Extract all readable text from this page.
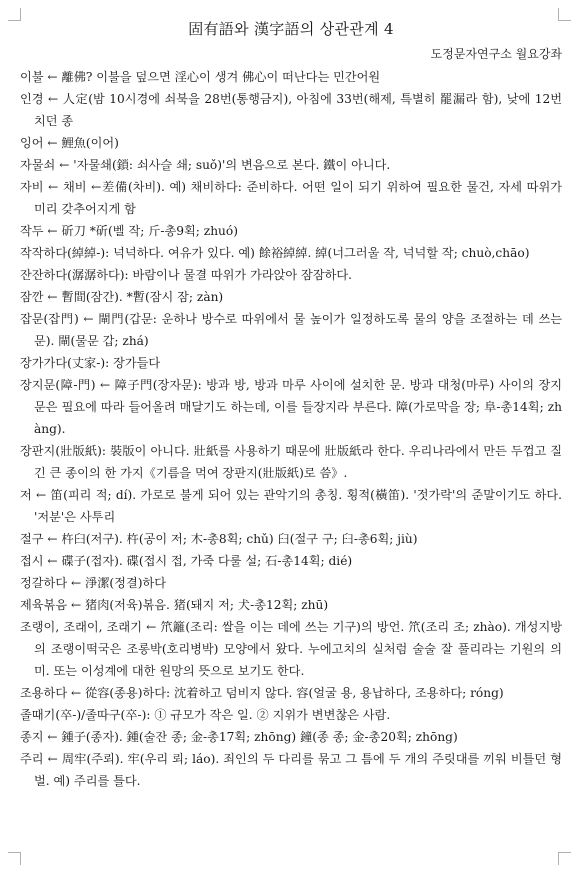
固有語와 漢字語의 상관관계 4
도정문자연구소 월요강좌
이불 ← 離佛? 이불을 덮으면 淫心이 생겨 佛心이 떠난다는 민간어원
인경 ← 人定(밤 10시경에 쇠북을 28번(통행금지), 아침에 33번(해제, 특별히 罷漏라 함), 낮에 12번 치던 종
잉어 ← 鯉魚(이어)
자물쇠 ← '자물쇄(鎖: 쇠사슬 쇄; suǒ)'의 변음으로 본다. 鐵이 아니다.
자비 ← 채비 ←差備(차비). 예) 채비하다: 준비하다. 어떤 일이 되기 위하여 필요한 물건, 자세 따위가 미리 갖추어지게 함
작두 ← 斫刀 *斫(벨 작; 斤-총9획; zhuó)
작작하다(綽綽-): 넉넉하다. 여유가 있다. 예) 餘裕綽綽. 綽(너그러울 작, 넉넉할 작; chuò,chāo)
잔잔하다(潺潺하다): 바람이나 물결 따위가 가라앉아 잠잠하다.
잠깐 ← 暫間(잠간). *暫(잠시 잠; zàn)
잡문(잡門) ← 閘門(갑문: 운하나 방수로 따위에서 물 높이가 일정하도록 물의 양을 조절하는 데 쓰는 문). 閘(물문 갑; zhá)
장가가다(丈家-): 장가들다
장지문(障-門) ← 障子門(장자문): 방과 방, 방과 마루 사이에 설치한 문. 방과 대청(마루) 사이의 장지문은 필요에 따라 들어올려 매달기도 하는데, 이를 들장지라 부른다. 障(가로막을 장; 阜-총14획; zhàng).
장판지(壯版紙): 裝版이 아니다. 壯紙를 사용하기 때문에 壯版紙라 한다. 우리나라에서 만든 두껍고 질긴 큰 종이의 한 가지《기름을 먹여 장판지(壯版紙)로 씀》.
저 ← 笛(피리 적; dí). 가로로 불게 되어 있는 관악기의 총칭. 횡적(橫笛). '젓가락'의 준말이기도 하다. '저분'은 사투리
절구 ← 杵臼(저구). 杵(공이 저; 木-총8획; chǔ) 臼(절구 구; 臼-총6획; jiù)
접시 ← 碟子(접자). 碟(접시 접, 가죽 다룰 설; 石-총14획; dié)
정갈하다 ← 淨潔(정결)하다
제육볶음 ← 猪肉(저육)볶음. 猪(돼지 저; 犬-총12획; zhū)
조랭이, 조래이, 조래기 ← 笊籬(조리: 쌀을 이는 데에 쓰는 기구)의 방언. 笊(조리 조; zhào). 개성지방의 조랭이떡국은 조롱박(호리병박) 모양에서 왔다. 누에고치의 실처럼 술술 잘 풀리라는 기원의 의미. 또는 이성계에 대한 원망의 뜻으로 보기도 한다.
조용하다 ← 從容(종용)하다: 沈着하고 덤비지 않다. 容(얼굴 용, 용납하다, 조용하다; róng)
졸때기(卒-)/졸따구(卒-): ① 규모가 작은 일. ② 지위가 변변찮은 사람.
종지 ← 鍾子(종자). 鍾(술잔 종; 金-총17획; zhōng) 鐘(종 종; 金-총20획; zhōng)
주리 ← 周牢(주뢰). 牢(우리 뢰; láo). 죄인의 두 다리를 묶고 그 틈에 두 개의 주릿대를 끼워 비틀던 형벌. 예) 주리를 틀다.
